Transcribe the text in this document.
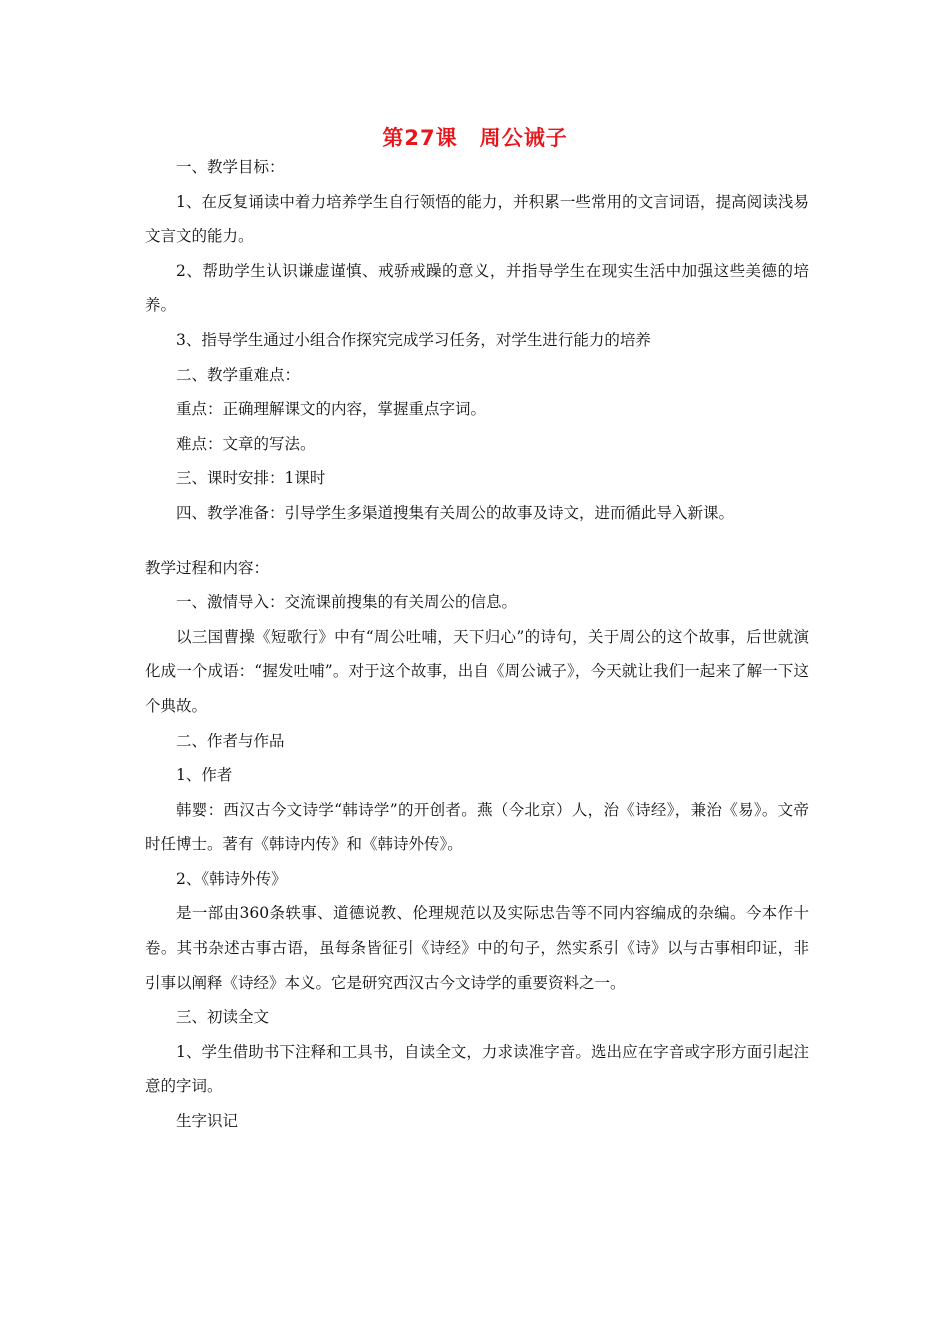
第27课　周公诫子

一、教学目标：

1、在反复诵读中着力培养学生自行领悟的能力，并积累一些常用的文言词语，提高阅读浅易文言文的能力。

2、帮助学生认识谦虚谨慎、戒骄戒躁的意义，并指导学生在现实生活中加强这些美德的培养。

3、指导学生通过小组合作探究完成学习任务，对学生进行能力的培养

二、教学重难点：

重点：正确理解课文的内容，掌握重点字词。

难点：文章的写法。

三、课时安排：1课时

四、教学准备：引导学生多渠道搜集有关周公的故事及诗文，进而循此导入新课。

教学过程和内容：

一、激情导入：交流课前搜集的有关周公的信息。

以三国曹操《短歌行》中有“周公吐哺，天下归心”的诗句，关于周公的这个故事，后世就演化成一个成语：“握发吐哺”。对于这个故事，出自《周公诫子》，今天就让我们一起来了解一下这个典故。

二、作者与作品

1、作者

韩婴：西汉古今文诗学“韩诗学”的开创者。燕（今北京）人，治《诗经》，兼治《易》。文帝时任博士。著有《韩诗内传》和《韩诗外传》。

2、《韩诗外传》

是一部由360条轶事、道德说教、伦理规范以及实际忠告等不同内容编成的杂编。今本作十卷。其书杂述古事古语，虽每条皆征引《诗经》中的句子，然实系引《诗》以与古事相印证，非引事以阐释《诗经》本义。它是研究西汉古今文诗学的重要资料之一。

三、初读全文

1、学生借助书下注释和工具书，自读全文，力求读准字音。选出应在字音或字形方面引起注意的字词。

生字识记
